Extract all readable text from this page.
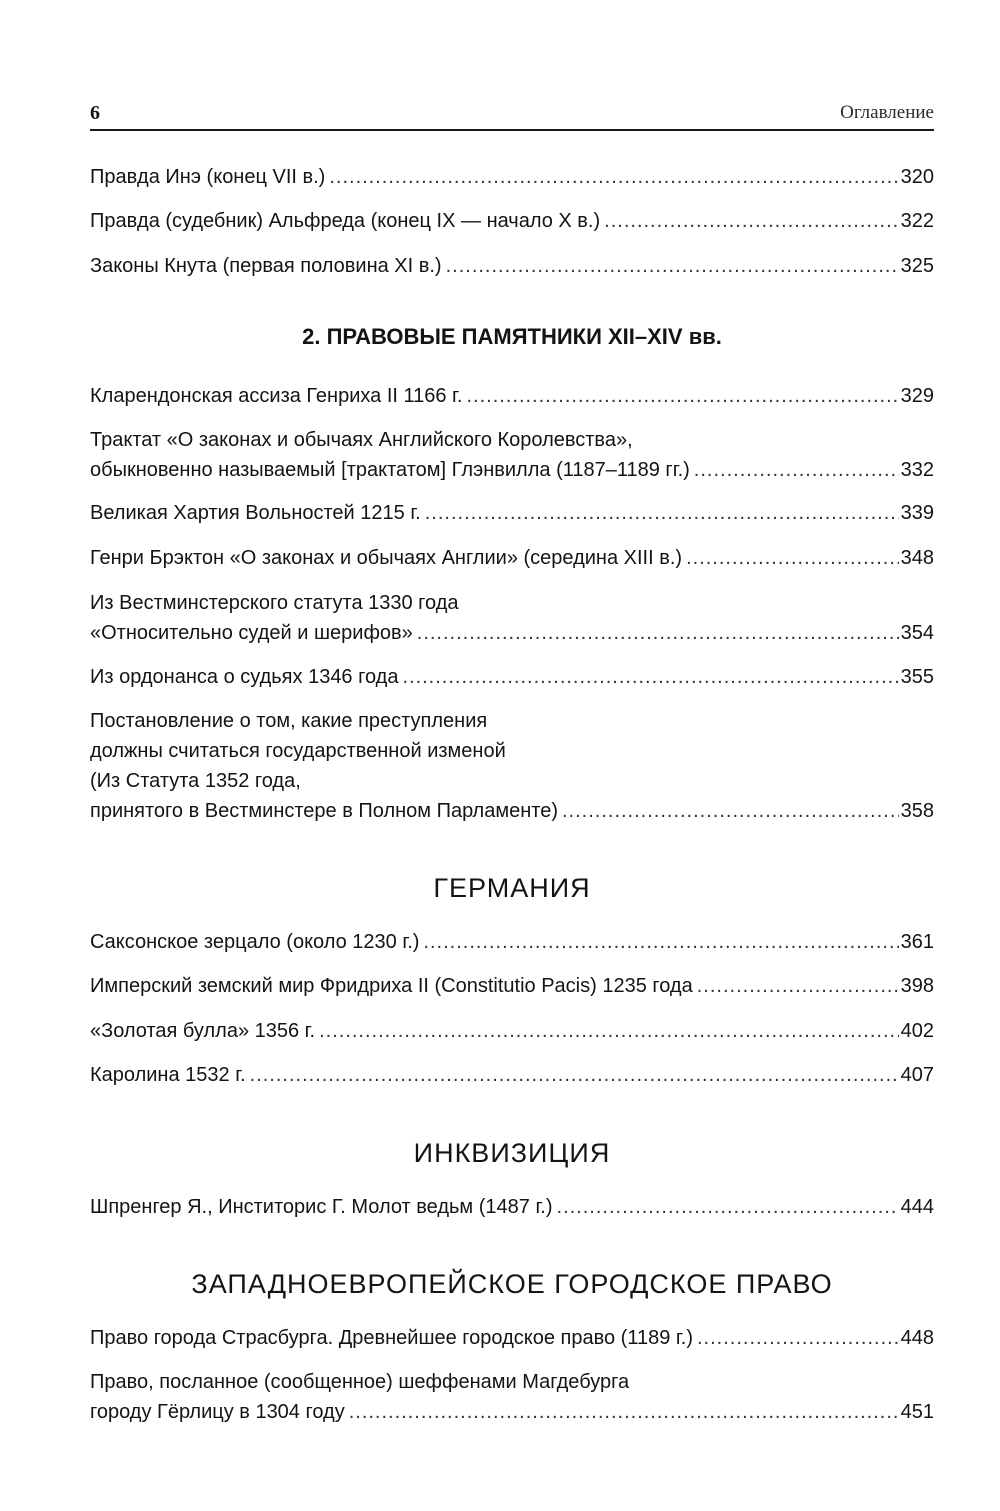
6	Оглавление
Правда Инэ (конец VII в.) .....	320
Правда (судебник) Альфреда (конец IX — начало X в.) .....	322
Законы Кнута (первая половина XI в.) .....	325
2. ПРАВОВЫЕ ПАМЯТНИКИ XII–XIV вв.
Кларендонская ассиза Генриха II 1166 г. .....	329
Трактат «О законах и обычаях Английского Королевства»,
обыкновенно называемый [трактатом] Глэнвилла (1187–1189 гг.) .....	332
Великая Хартия Вольностей 1215 г. .....	339
Генри Брэктон «О законах и обычаях Англии» (середина XIII в.) .....	348
Из Вестминстерского статута 1330 года
«Относительно судей и шерифов» .....	354
Из ордонанса о судьях 1346 года .....	355
Постановление о том, какие преступления
должны считаться государственной изменой
(Из Статута 1352 года,
принятого в Вестминстере в Полном Парламенте) .....	358
ГЕРМАНИЯ
Саксонское зерцало (около 1230 г.) .....	361
Имперский земский мир Фридриха II (Constitutio Pacis) 1235 года .....	398
«Золотая булла» 1356 г. .....	402
Каролина 1532 г. .....	407
ИНКВИЗИЦИЯ
Шпренгер Я., Инститорис Г. Молот ведьм (1487 г.) .....	444
ЗАПАДНОЕВРОПЕЙСКОЕ ГОРОДСКОЕ ПРАВО
Право города Страсбурга. Древнейшее городское право (1189 г.) .....	448
Право, посланное (сообщенное) шеффенами Магдебурга
городу Гёрлицу в 1304 году .....	451
